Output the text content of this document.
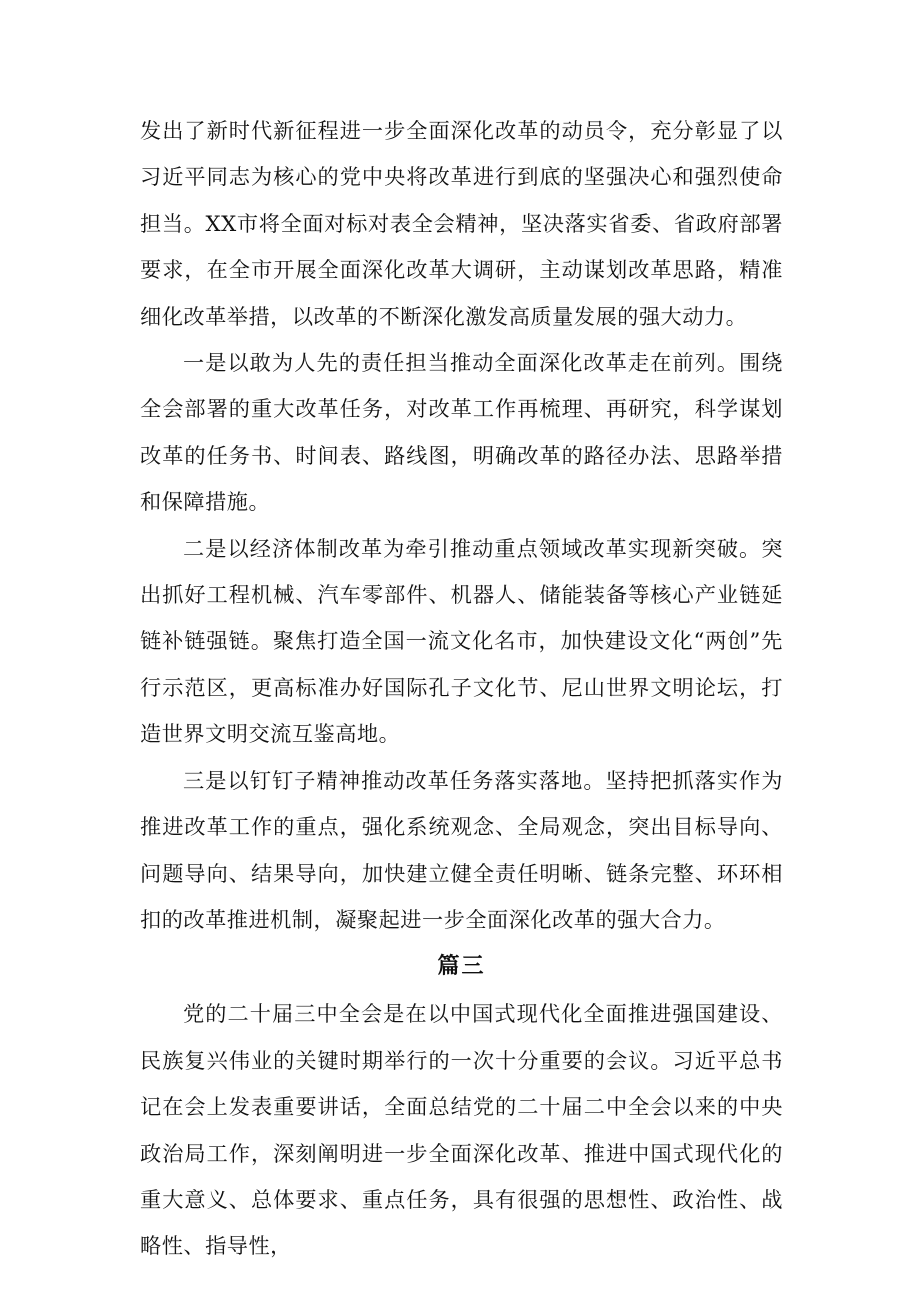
发出了新时代新征程进一步全面深化改革的动员令，充分彰显了以习近平同志为核心的党中央将改革进行到底的坚强决心和强烈使命担当。XX市将全面对标对表全会精神，坚决落实省委、省政府部署要求，在全市开展全面深化改革大调研，主动谋划改革思路，精准细化改革举措，以改革的不断深化激发高质量发展的强大动力。

一是以敢为人先的责任担当推动全面深化改革走在前列。围绕全会部署的重大改革任务，对改革工作再梳理、再研究，科学谋划改革的任务书、时间表、路线图，明确改革的路径办法、思路举措和保障措施。

二是以经济体制改革为牵引推动重点领域改革实现新突破。突出抓好工程机械、汽车零部件、机器人、储能装备等核心产业链延链补链强链。聚焦打造全国一流文化名市，加快建设文化“两创”先行示范区，更高标准办好国际孔子文化节、尼山世界文明论坛，打造世界文明交流互鉴高地。

三是以钉钉子精神推动改革任务落实落地。坚持把抓落实作为推进改革工作的重点，强化系统观念、全局观念，突出目标导向、问题导向、结果导向，加快建立健全责任明晰、链条完整、环环相扣的改革推进机制，凝聚起进一步全面深化改革的强大合力。

篇三

党的二十届三中全会是在以中国式现代化全面推进强国建设、民族复兴伟业的关键时期举行的一次十分重要的会议。习近平总书记在会上发表重要讲话，全面总结党的二十届二中全会以来的中央政治局工作，深刻阐明进一步全面深化改革、推进中国式现代化的重大意义、总体要求、重点任务，具有很强的思想性、政治性、战略性、指导性，
